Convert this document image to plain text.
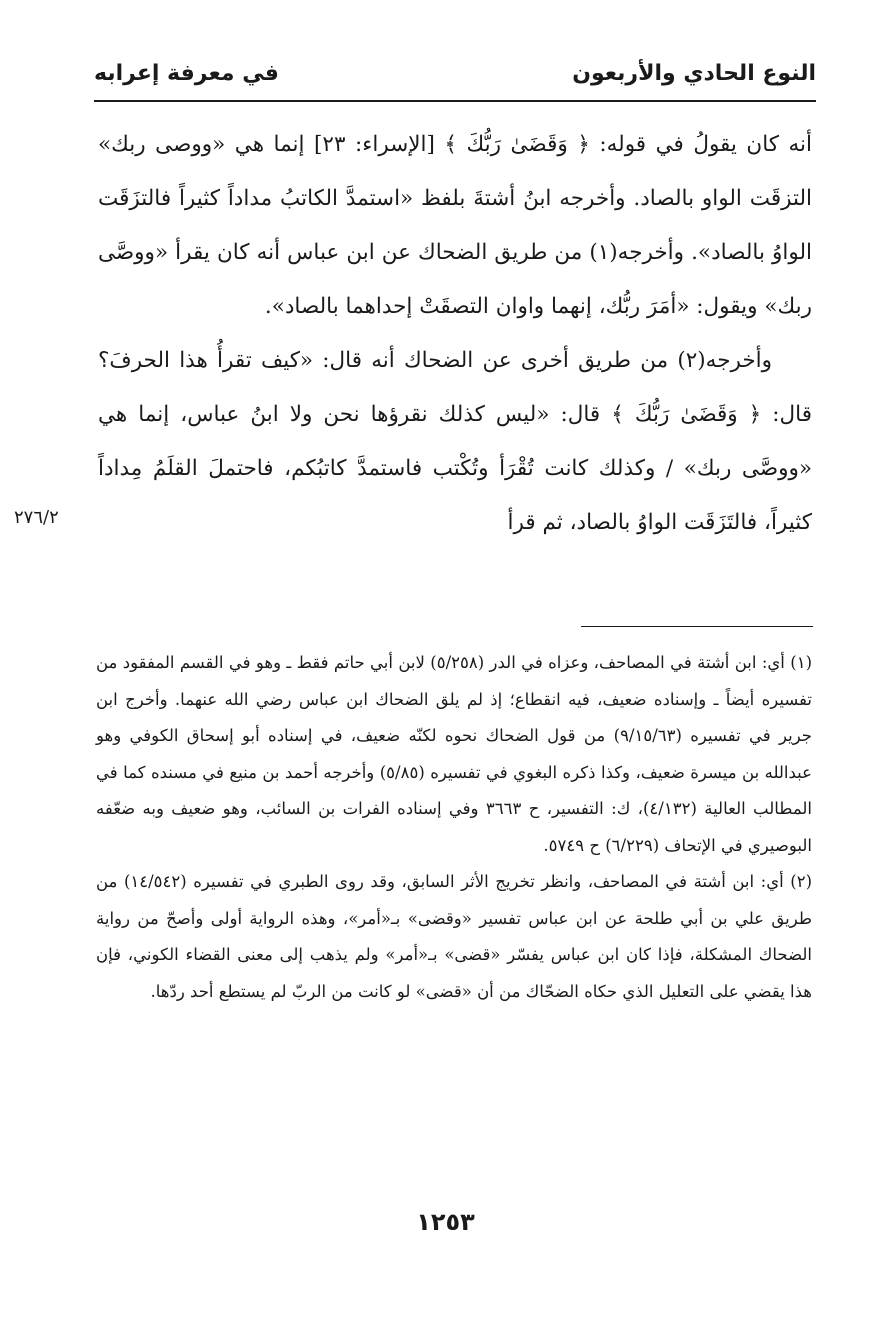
النوع الحادي والأربعون
في معرفة إعرابه

أنه كان يقولُ في قوله: ﴿ وَقَضَىٰ رَبُّكَ ﴾ [الإسراء: ٢٣] إنما هي «ووصى ربك» التزقَت الواو بالصاد. وأخرجه ابنُ أشتةَ بلفظ «استمدَّ الكاتبُ مداداً كثيراً فالتزَقَت الواوُ بالصاد». وأخرجه(١) من طريق الضحاك عن ابن عباس أنه كان يقرأ «ووصَّى ربك» ويقول: «أمَرَ ربُّك، إنهما واوان التصقَتْ إحداهما بالصاد».

وأخرجه(٢) من طريق أخرى عن الضحاك أنه قال: «كيف تقرأُ هذا الحرفَ؟ قال: ﴿ وَقَضَىٰ رَبُّكَ ﴾ قال: «ليس كذلك نقرؤها نحن ولا ابنُ عباس، إنما هي «ووصَّى ربك» / وكذلك كانت تُقْرَأ وتُكْتب فاستمدَّ كاتبُكم، فاحتملَ القلَمُ مِداداً كثيراً، فالتَزَقَت الواوُ بالصاد، ثم قرأ

٢٧٦/٢

(١) أي: ابن أشتة في المصاحف، وعزاه في الدر (٥/٢٥٨) لابن أبي حاتم فقط ـ وهو في القسم المفقود من تفسيره أيضاً ـ وإسناده ضعيف، فيه انقطاع؛ إذ لم يلق الضحاك ابن عباس رضي الله عنهما. وأخرج ابن جرير في تفسيره (٩/١٥/٦٣) من قول الضحاك نحوه لكنّه ضعيف، في إسناده أبو إسحاق الكوفي وهو عبدالله بن ميسرة ضعيف، وكذا ذكره البغوي في تفسيره (٥/٨٥) وأخرجه أحمد بن منيع في مسنده كما في المطالب العالية (٤/١٣٢)، ك: التفسير، ح ٣٦٦٣ وفي إسناده الفرات بن السائب، وهو ضعيف وبه ضعّفه البوصيري في الإتحاف (٦/٢٢٩) ح ٥٧٤٩.

(٢) أي: ابن أشتة في المصاحف، وانظر تخريج الأثر السابق، وقد روى الطبري في تفسيره (١٤/٥٤٢) من طريق علي بن أبي طلحة عن ابن عباس تفسير «وقضى» بـ«أمر»، وهذه الرواية أولى وأصحّ من رواية الضحاك المشكلة، فإذا كان ابن عباس يفسّر «قضى» بـ«أمر» ولم يذهب إلى معنى القضاء الكوني، فإن هذا يقضي على التعليل الذي حكاه الضحّاك من أن «قضى» لو كانت من الربّ لم يستطع أحد ردّها.

١٢٥٣
